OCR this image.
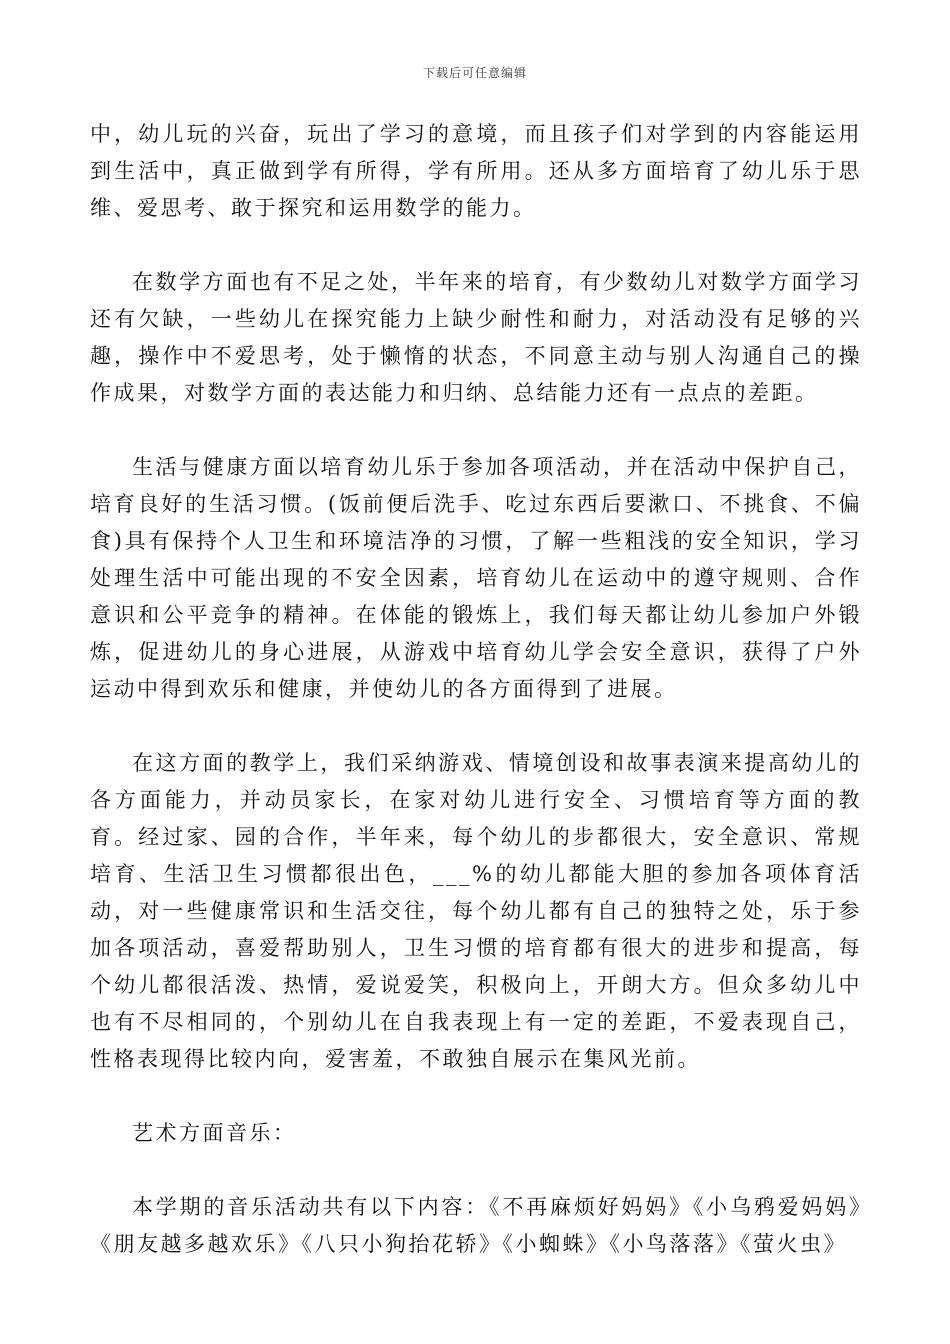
下载后可任意编辑

中，幼儿玩的兴奋，玩出了学习的意境，而且孩子们对学到的内容能运用到生活中，真正做到学有所得，学有所用。还从多方面培育了幼儿乐于思维、爱思考、敢于探究和运用数学的能力。

在数学方面也有不足之处，半年来的培育，有少数幼儿对数学方面学习还有欠缺，一些幼儿在探究能力上缺少耐性和耐力，对活动没有足够的兴趣，操作中不爱思考，处于懒惰的状态，不同意主动与别人沟通自己的操作成果，对数学方面的表达能力和归纳、总结能力还有一点点的差距。

生活与健康方面以培育幼儿乐于参加各项活动，并在活动中保护自己，培育良好的生活习惯。(饭前便后洗手、吃过东西后要漱口、不挑食、不偏食)具有保持个人卫生和环境洁净的习惯，了解一些粗浅的安全知识，学习处理生活中可能出现的不安全因素，培育幼儿在运动中的遵守规则、合作意识和公平竞争的精神。在体能的锻炼上，我们每天都让幼儿参加户外锻炼，促进幼儿的身心进展，从游戏中培育幼儿学会安全意识，获得了户外运动中得到欢乐和健康，并使幼儿的各方面得到了进展。

在这方面的教学上，我们采纳游戏、情境创设和故事表演来提高幼儿的各方面能力，并动员家长，在家对幼儿进行安全、习惯培育等方面的教育。经过家、园的合作，半年来，每个幼儿的步都很大，安全意识、常规培育、生活卫生习惯都很出色，___%的幼儿都能大胆的参加各项体育活动，对一些健康常识和生活交往，每个幼儿都有自己的独特之处，乐于参加各项活动，喜爱帮助别人，卫生习惯的培育都有很大的进步和提高，每个幼儿都很活泼、热情，爱说爱笑，积极向上，开朗大方。但众多幼儿中也有不尽相同的，个别幼儿在自我表现上有一定的差距，不爱表现自己，性格表现得比较内向，爱害羞，不敢独自展示在集风光前。

艺术方面音乐：

本学期的音乐活动共有以下内容：《不再麻烦好妈妈》《小乌鸦爱妈妈》《朋友越多越欢乐》《八只小狗抬花轿》《小蜘蛛》《小鸟落落》《萤火虫》
